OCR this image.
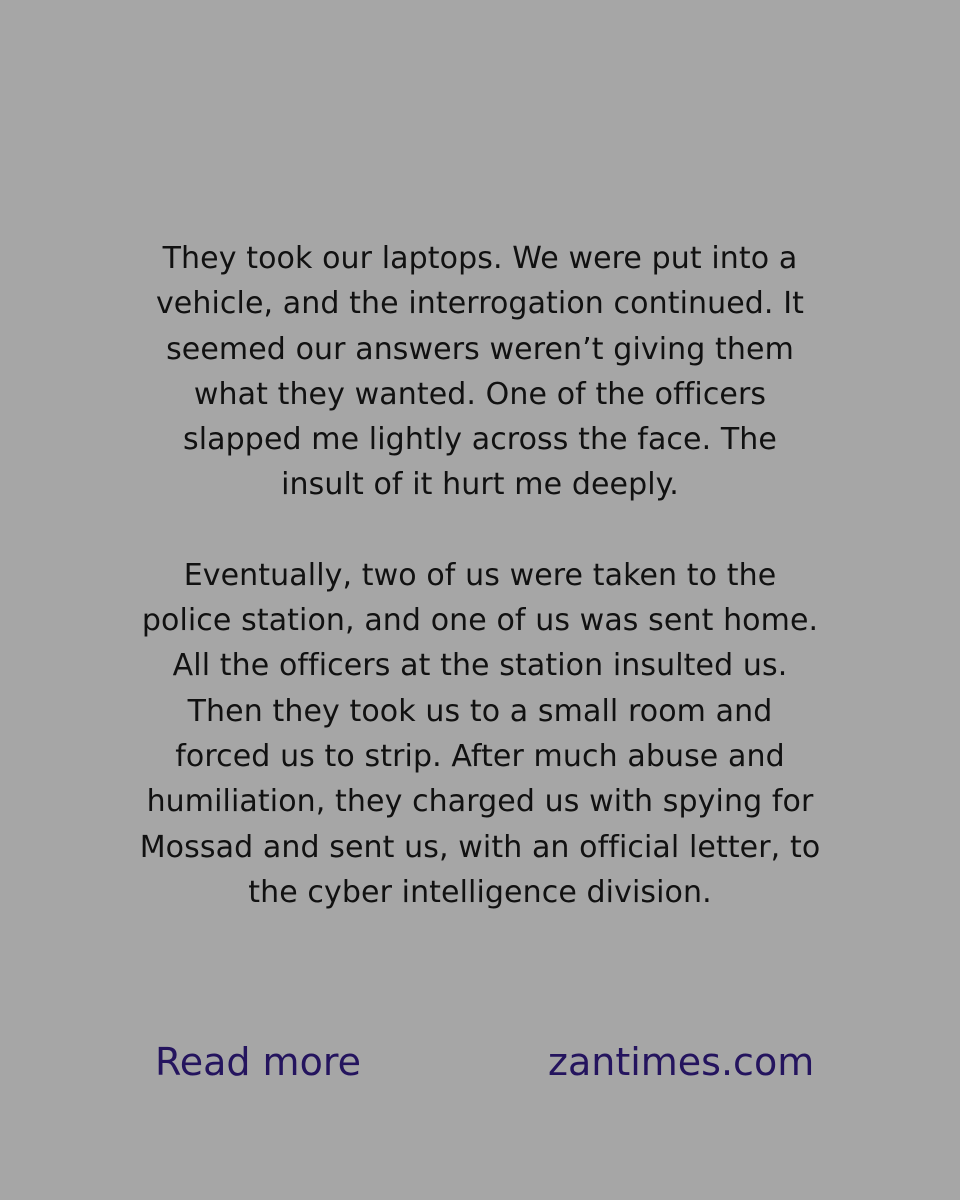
They took our laptops. We were put into a
vehicle, and the interrogation continued. It
seemed our answers weren’t giving them
what they wanted. One of the officers
slapped me lightly across the face. The
insult of it hurt me deeply.

Eventually, two of us were taken to the
police station, and one of us was sent home.
All the officers at the station insulted us.
Then they took us to a small room and
forced us to strip. After much abuse and
humiliation, they charged us with spying for
Mossad and sent us, with an official letter, to
the cyber intelligence division.

Read more	zantimes.com
